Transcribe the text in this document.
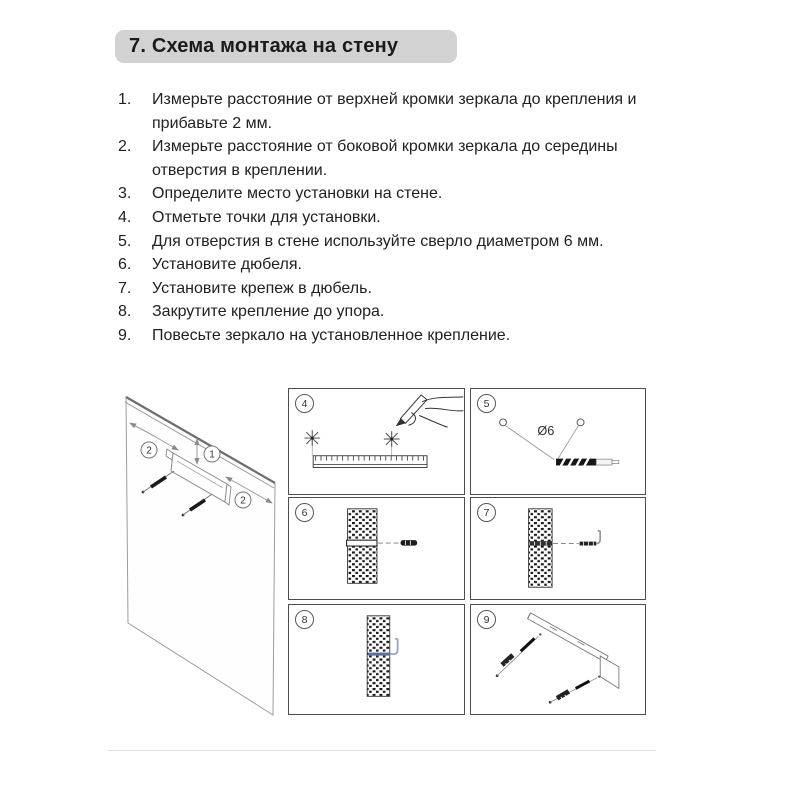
7. Схема монтажа на стену
1.	Измерьте расстояние от верхней кромки зеркала до крепления и прибавьте 2 мм.
2.	Измерьте расстояние от боковой кромки зеркала до середины отверстия в креплении.
3.	Определите место установки на стене.
4.	Отметьте точки для установки.
5.	Для отверстия в стене используйте сверло диаметром 6 мм.
6.	Установите дюбеля.
7.	Установите крепеж в дюбель.
8.	Закрутите крепление до упора.
9.	Повесьте зеркало на установленное крепление.
1
2
2
4	5
Ø6
6	7
8	9
